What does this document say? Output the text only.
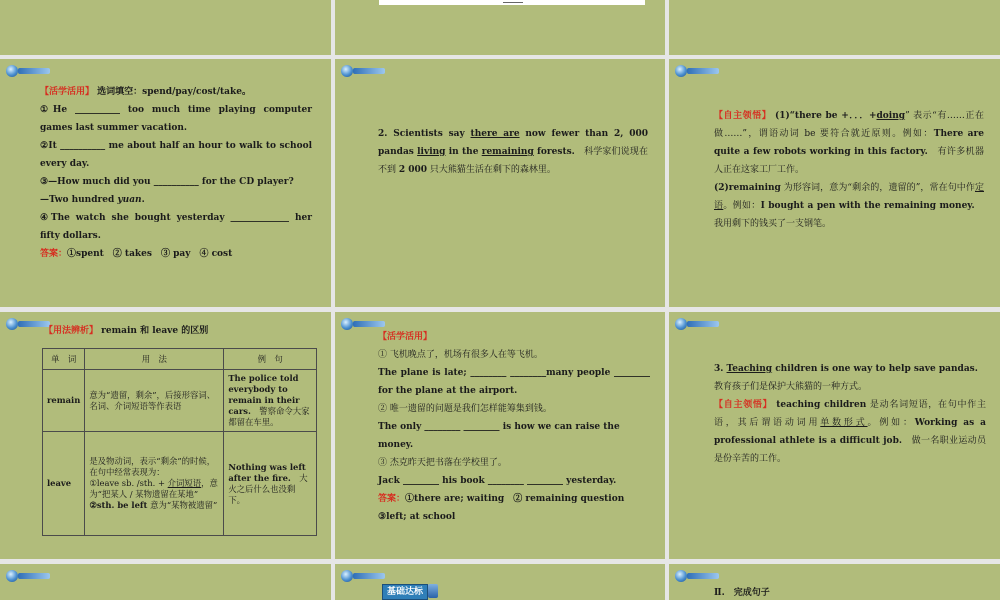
【活学活用】 选词填空：spend/pay/cost/take。

①He __________ too much time playing computer games last summer vacation.

②It __________ me about half an hour to walk to school every day.

③—How much did you __________ for the CD player?

—Two hundred yuan.

④The watch she bought yesterday _____________ her fifty dollars.

答案：①spent　② takes　③ pay　④ cost

2. Scientists say there are now fewer than 2, 000 pandas living in the remaining forests.　科学家们说现在不到 2 000 只大熊猫生活在剩下的森林里。

【自主领悟】 (1)“there be +．．．+doing” 表示“有……正在做……”，谓语动词 be 要符合就近原则。例如：There are quite a few robots working in this factory.　有许多机器人正在这家工厂工作。

(2)remaining 为形容词，意为“剩余的，遗留的”，常在句中作定语。例如：I bought a pen with the remaining money.　我用剩下的钱买了一支钢笔。

【用法辨析】 remain 和 leave 的区别

单　词	用　法	例　句
remain	意为“遗留，剩余”，后接形容词、名词、介词短语等作表语	The police told everybody to remain in their cars.　警察命令大家都留在车里。
leave	是及物动词，表示“剩余”的时候，在句中经常表现为：
①leave sb. /sth. + 介词短语，意为“把某人 / 某物遗留在某地”
②sth. be left 意为“某物被遗留”	Nothing was left after the fire.　大火之后什么也没剩下。

【活学活用】

① 飞机晚点了，机场有很多人在等飞机。

The plane is late; ________ ________many people ________ for the plane at the airport.

② 唯一遗留的问题是我们怎样能筹集到钱。

The only ________ ________ is how we can raise the money.

③ 杰克昨天把书落在学校里了。

Jack ________ his book ________ ________ yesterday.

答案：①there are; waiting　② remaining question

③left; at school

3. Teaching children is one way to help save pandas.

教育孩子们是保护大熊猫的一种方式。

【自主领悟】 teaching children 是动名词短语，在句中作主语，其后谓语动词用单数形式。例如：Working as a professional athlete is a difficult job.　做一名职业运动员是份辛苦的工作。

基础达标	Ⅱ.　完成句子
